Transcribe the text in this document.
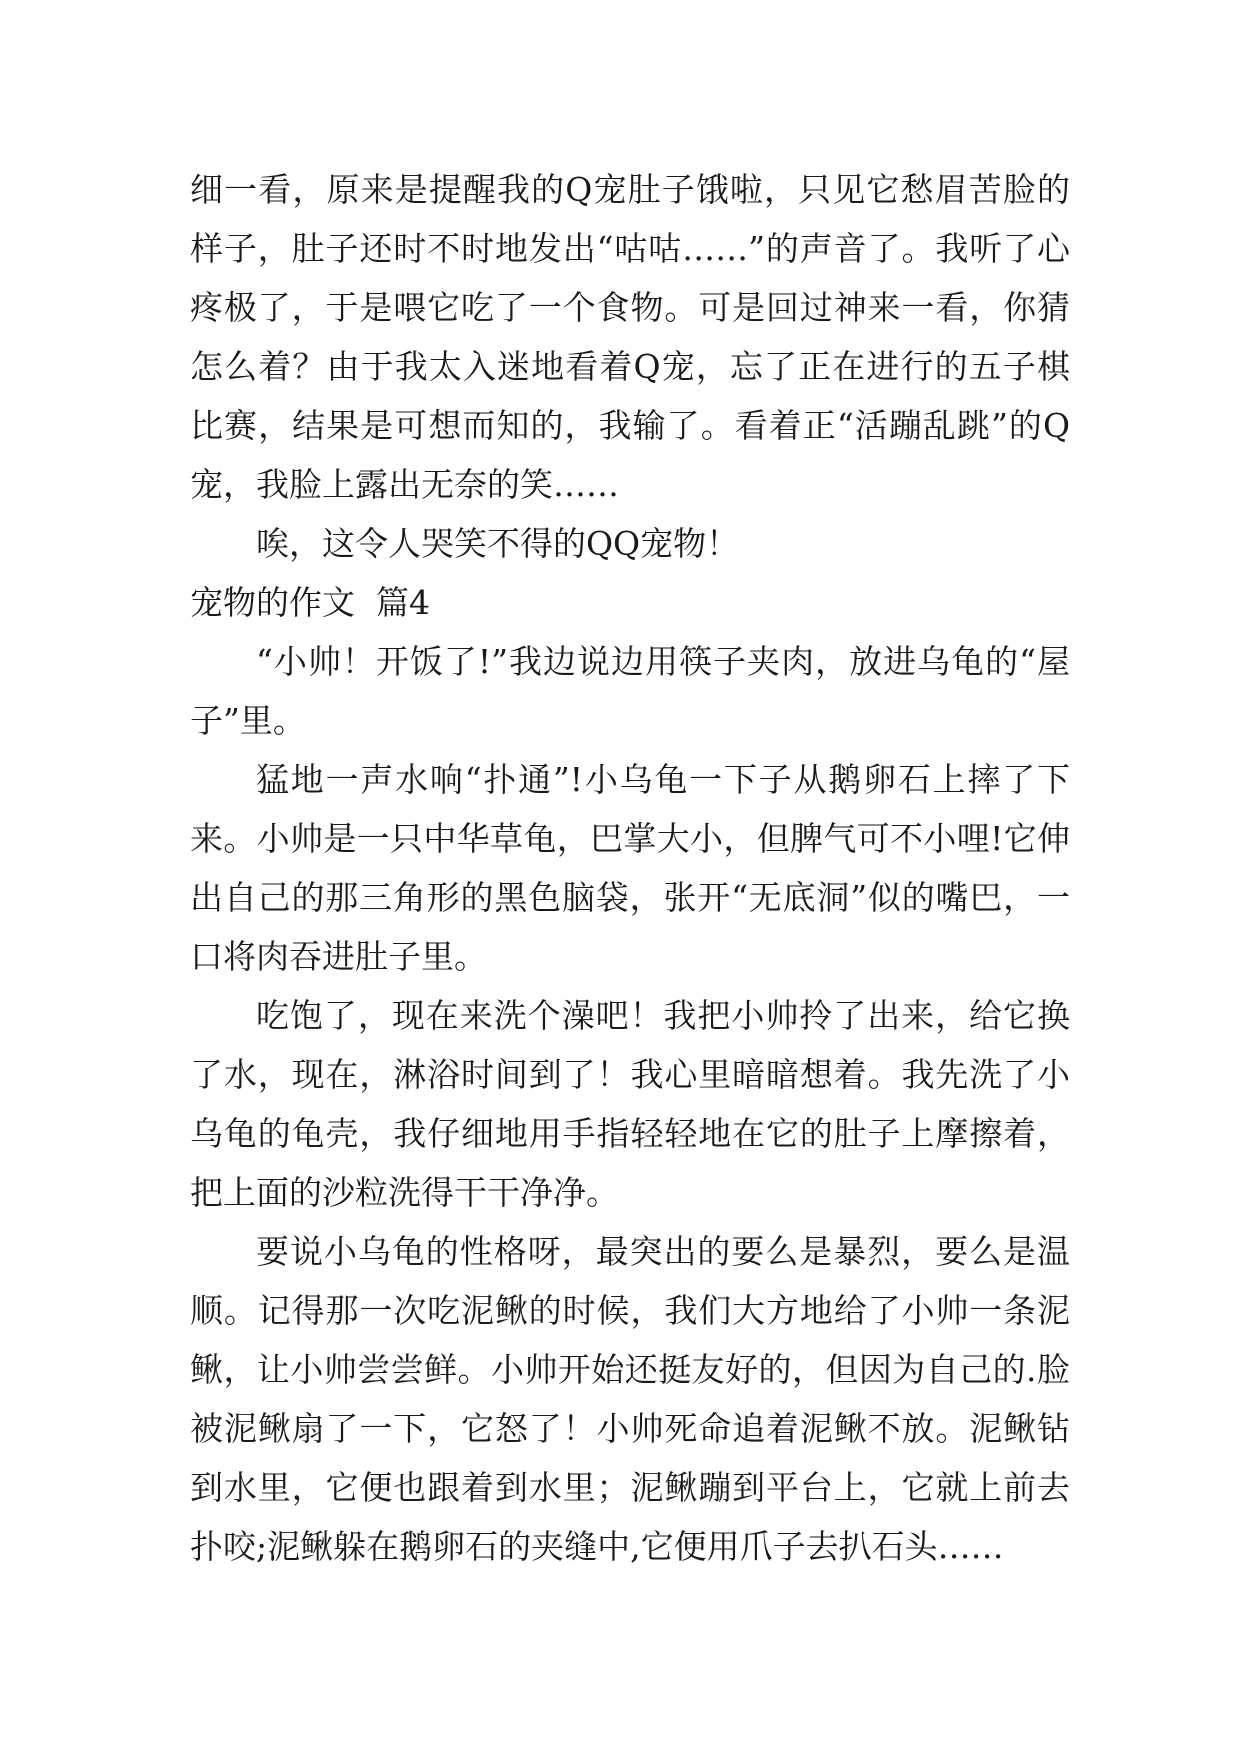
细一看，原来是提醒我的Q宠肚子饿啦，只见它愁眉苦脸的样子，肚子还时不时地发出“咕咕……”的声音了。我听了心疼极了，于是喂它吃了一个食物。可是回过神来一看，你猜怎么着？由于我太入迷地看着Q宠，忘了正在进行的五子棋比赛，结果是可想而知的，我输了。看着正“活蹦乱跳”的Q宠，我脸上露出无奈的笑……

唉，这令人哭笑不得的QQ宠物！

宠物的作文  篇4

“小帅！开饭了!”我边说边用筷子夹肉，放进乌龟的“屋子”里。

猛地一声水响“扑通”!小乌龟一下子从鹅卵石上摔了下来。小帅是一只中华草龟，巴掌大小，但脾气可不小哩!它伸出自己的那三角形的黑色脑袋，张开“无底洞”似的嘴巴，一口将肉吞进肚子里。

吃饱了，现在来洗个澡吧！我把小帅拎了出来，给它换了水，现在，淋浴时间到了！我心里暗暗想着。我先洗了小乌龟的龟壳，我仔细地用手指轻轻地在它的肚子上摩擦着，把上面的沙粒洗得干干净净。

要说小乌龟的性格呀，最突出的要么是暴烈，要么是温顺。记得那一次吃泥鳅的时候，我们大方地给了小帅一条泥鳅，让小帅尝尝鲜。小帅开始还挺友好的，但因为自己的.脸被泥鳅扇了一下，它怒了！小帅死命追着泥鳅不放。泥鳅钻到水里，它便也跟着到水里；泥鳅蹦到平台上，它就上前去扑咬;泥鳅躲在鹅卵石的夹缝中,它便用爪子去扒石头……
